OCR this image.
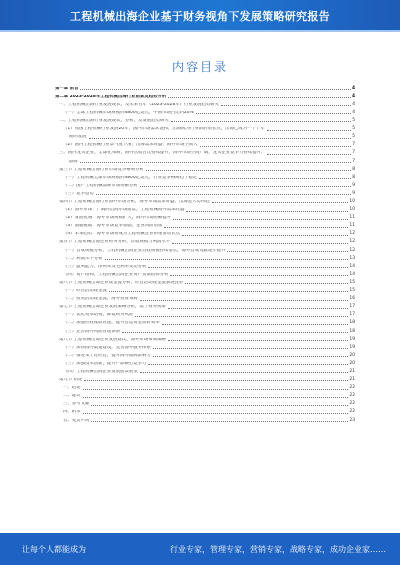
工程机械出海企业基于财务视角下发展策略研究报告
内容目录
第一章 前言	4
第二章 2023-2028年工程机械出海行业前景及趋势分析	4
一、工程机械出海行业发展现状，及未来五年（2023-2028年）行业发展趋势研究	4
（一）全球工程机械市场规模约4800亿美元，中国市场占比约20%	4
二、工程机械出海行业发展现状，分析，及发展趋势研究	5
（1）我国工程机械行业发展20年，国内市场需求饱和，出海成为行业新的增长点，出海已成为一个十年	5
期的发展	5
（2）国内工程机械行业景气度下滑，出海需求旺盛，海外市场空间大	7
三、国内龙头企业，全球化布局，海外营收占比持续提升，海外市场空间广阔，龙头企业竞争力持续提升，	7
品牌	7
第三节 工程机械出海行业市场竞争格局分析	8
（一）工程机械全球市场规模约4800亿美元，行业竞争格局趋于稳定	8
（二）国产工程机械品牌市场份额分析	9
（三）竞争态势	9
第四节 工程机械出海行业海外市场分析，海外市场需求旺盛，出海是大势所趋	10
（1）海外市场：广阔的出海市场前景，工程机械海外需求旺盛	10
（2）发展机遇：海外市场规模扩大，海外市场份额提升	11
（3）面临挑战：海外市场竞争加剧，企业风险增加	11
（4）未来趋势：海外市场将成为工程机械企业的重要增长点	12
第五节 工程机械出海企业财务分析，营收规模与利润水平	12
（一）营收规模分析，工程机械出海企业营收规模持续增长，海外营收贡献逐年提升	12
（二）利润水平分析	13
（三）盈利能力，净利率及毛利率变动分析	14
（四）资产结构，工程机械出海企业资产负债结构分析	14
第六节 工程机械出海企业现金流分析，经营活动现金流表现良好	15
（一）经营活动现金流	15
（二）投资活动现金流，海外投资布局	16
第七节 工程机械出海企业发展策略分析，基于财务视角	17
（一）优化资本结构，降低财务风险	17
（二）加强应收账款管理，提升营运资金周转效率	18
（三）完善海外风险管理体系	18
第八节 工程机械出海企业发展建议，海外市场布局策略	19
（一）加快海外渠道建设，完善海外服务体系	19
（二）推进本土化经营，提升海外品牌影响力	20
（三）加强技术创新，提升产品核心竞争力	20
（四）工程机械出海企业发展前景展望	21
第九节 结论	21
一、结论	22
二、建议	22
三、参考文献	22
四、附录	22
五、免责声明	23
让每个人都能成为	行业专家，管理专家，营销专家，战略专家，成功企业家……
